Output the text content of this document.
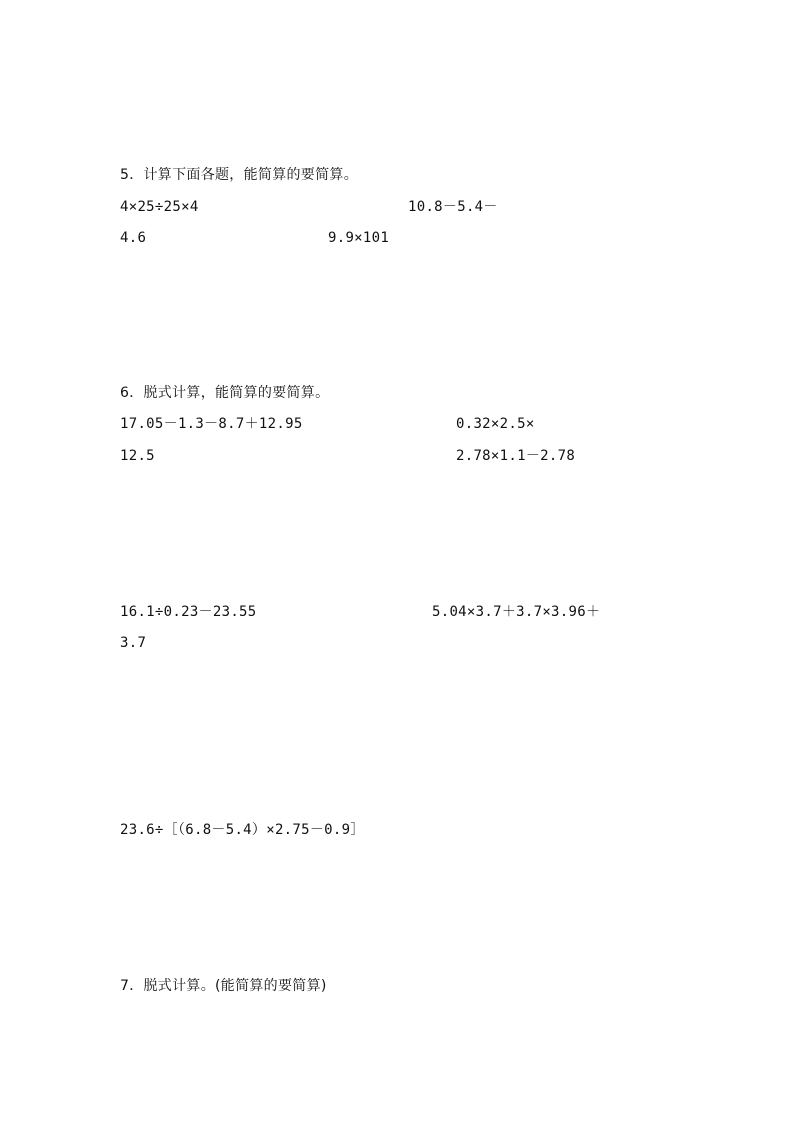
5．计算下面各题，能简算的要简算。
4×25÷25×4	10.8－5.4－
4.6	9.9×101
6．脱式计算，能简算的要简算。
17.05－1.3－8.7＋12.95	0.32×2.5×
12.5	2.78×1.1－2.78
16.1÷0.23－23.55	5.04×3.7＋3.7×3.96＋
3.7
23.6÷［（6.8－5.4）×2.75－0.9］
7．脱式计算。(能简算的要简算)
